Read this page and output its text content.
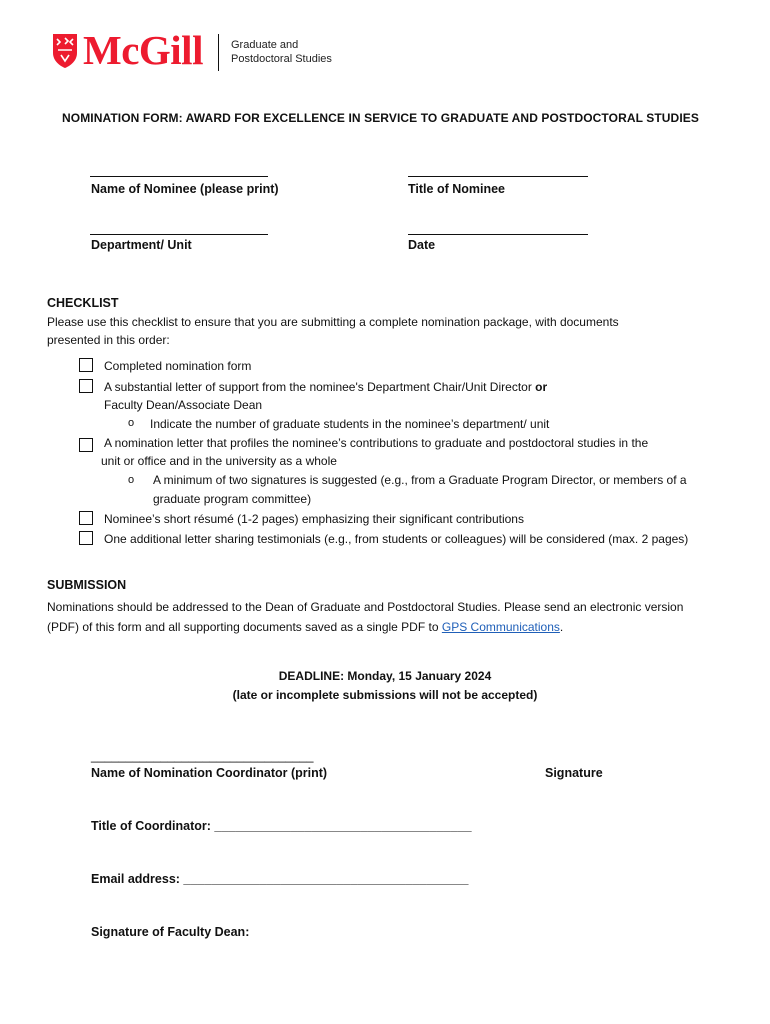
McGill	Graduate and
Postdoctoral Studies
NOMINATION FORM: AWARD FOR EXCELLENCE IN SERVICE TO GRADUATE AND POSTDOCTORAL STUDIES
Name of Nominee (please print)	Title of Nominee
Department/ Unit	Date
CHECKLIST
Please use this checklist to ensure that you are submitting a complete nomination package, with documents
presented in this order:
Completed nomination form
A substantial letter of support from the nominee's Department Chair/Unit Director or
Faculty Dean/Associate Dean
o Indicate the number of graduate students in the nominee’s department/ unit
A nomination letter that profiles the nominee’s contributions to graduate and postdoctoral studies in the
unit or office and in the university as a whole
o A minimum of two signatures is suggested (e.g., from a Graduate Program Director, or members of a
graduate program committee)
Nominee’s short résumé (1-2 pages) emphasizing their significant contributions
One additional letter sharing testimonials (e.g., from students or colleagues) will be considered (max. 2 pages)
SUBMISSION
Nominations should be addressed to the Dean of Graduate and Postdoctoral Studies. Please send an electronic version
(PDF) of this form and all supporting documents saved as a single PDF to GPS Communications.
DEADLINE: Monday, 15 January 2024
(late or incomplete submissions will not be accepted)
________________________________
Name of Nomination Coordinator (print)	Signature
Title of Coordinator: _____________________________________
Email address: _________________________________________
Signature of Faculty Dean:
